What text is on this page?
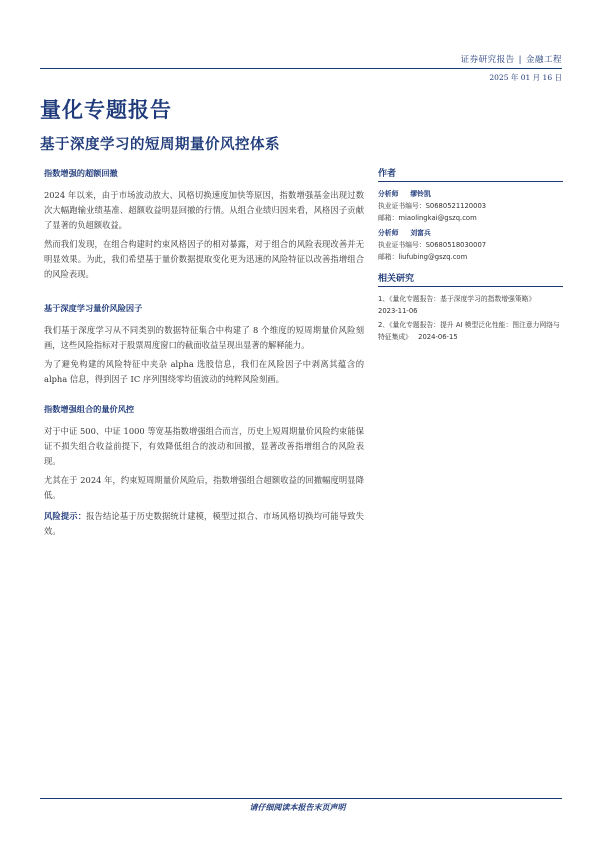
证券研究报告 | 金融工程
2025 年 01 月 16 日
量化专题报告
基于深度学习的短周期量价风控体系
指数增强的超额回撤

2024 年以来，由于市场波动放大、风格切换速度加快等原因，指数增强基金出现过数次大幅跑输业绩基准、超额收益明显回撤的行情。从组合业绩归因来看，风格因子贡献了显著的负超额收益。

然而我们发现，在组合构建时约束风格因子的相对暴露，对于组合的风险表现改善并无明显效果。为此，我们希望基于量价数据提取变化更为迅速的风险特征以改善指增组合的风险表现。

基于深度学习量价风险因子

我们基于深度学习从不同类别的数据特征集合中构建了 8 个维度的短周期量价风险刻画，这些风险指标对于股票周度窗口的截面收益呈现出显著的解释能力。

为了避免构建的风险特征中夹杂 alpha 选股信息，我们在风险因子中剥离其蕴含的 alpha 信息，得到因子 IC 序列围绕零均值波动的纯粹风险刻画。

指数增强组合的量价风控

对于中证 500、中证 1000 等宽基指数增强组合而言，历史上短周期量价风险约束能保证不损失组合收益前提下，有效降低组合的波动和回撤，显著改善指增组合的风险表现。

尤其在于 2024 年，约束短周期量价风险后，指数增强组合超额收益的回撤幅度明显降低。

风险提示：报告结论基于历史数据统计建模，模型过拟合、市场风格切换均可能导致失效。

作者
分析师 缪铃凯
执业证书编号：S0680521120003
邮箱：miaolingkai@gszq.com
分析师 刘富兵
执业证书编号：S0680518030007
邮箱：liufubing@gszq.com
相关研究
1、《量化专题报告：基于深度学习的指数增强策略》
2023-11-06
2、《量化专题报告：提升 AI 模型泛化性能：图注意力网络与特征集成》 2024-06-15
请仔细阅读本报告末页声明
